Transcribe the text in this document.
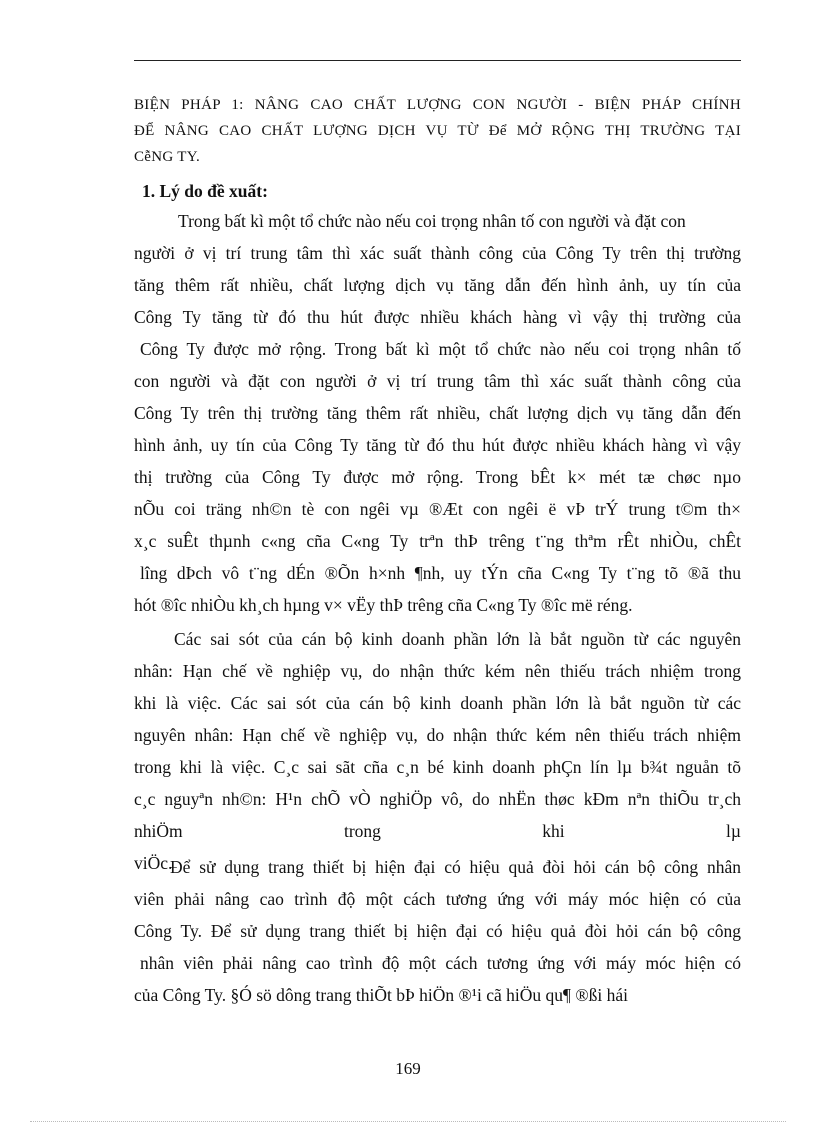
BIỆN PHÁP 1: NÂNG CAO CHẤT LƯỢNG CON NGƯỜI - BIỆN PHÁP CHÍNH
ĐỂ NÂNG CAO CHẤT LƯỢNG DỊCH VỤ TỪ Để MỞ RỘNG THỊ TRƯỜNG TẠI
CễNG TY.
1. Lý do đề xuất:
Trong bất kì một tổ chức nào nếu coi trọng nhân tố con người và đặt con
người ở vị trí trung tâm thì xác suất thành công của Công Ty trên thị trường
tăng thêm rất nhiều, chất lượng dịch vụ tăng dẫn đến hình ảnh, uy tín của
Công Ty tăng từ đó thu hút được nhiều khách hàng vì vậy thị trường của
Công Ty được mở rộng. Trong bất kì một tổ chức nào nếu coi trọng nhân tố
con người và đặt con người ở vị trí trung tâm thì xác suất thành công của
Công Ty trên thị trường tăng thêm rất nhiều, chất lượng dịch vụ tăng dẫn đến
hình ảnh, uy tín của Công Ty tăng từ đó thu hút được nhiều khách hàng vì vậy
thị trường của Công Ty được mở rộng. Trong bÊt k× mét tæ chøc nµo
nÕu coi träng nh©n tè con ngêi vµ ®Æt con ngêi ë vÞ trÝ trung t©m th×
x¸c suÊt thµnh c«ng cña C«ng Ty trªn thÞ trêng t¨ng thªm rÊt nhiÒu, chÊt
lîng dÞch vô t¨ng dÉn ®Õn h×nh ¶nh, uy tÝn cña C«ng Ty t¨ng tõ ®ã thu
hót ®îc nhiÒu kh¸ch hµng v× vËy thÞ trêng cña C«ng Ty ®îc më réng.
Các sai sót của cán bộ kinh doanh phần lớn là bắt nguồn từ các nguyên
nhân: Hạn chế về nghiệp vụ, do nhận thức kém nên thiếu trách nhiệm trong
khi là việc. Các sai sót của cán bộ kinh doanh phần lớn là bắt nguồn từ các
nguyên nhân: Hạn chế về nghiệp vụ, do nhận thức kém nên thiếu trách nhiệm
trong khi là việc. C¸c sai sãt cña c¸n bé kinh doanh phÇn lín lµ b¾t nguån tõ
c¸c nguyªn nh©n: H¹n chÕ vÒ nghiÖp vô, do nhËn thøc kÐm nªn thiÕu tr¸ch
nhiÖm trong khi lµ viÖc.
Để sử dụng trang thiết bị hiện đại có hiệu quả đòi hỏi cán bộ công nhân
viên phải nâng cao trình độ một cách tương ứng với máy móc hiện có của
Công Ty. Để sử dụng trang thiết bị hiện đại có hiệu quả đòi hỏi cán bộ công
nhân viên phải nâng cao trình độ một cách tương ứng với máy móc hiện có
của Công Ty. §Ó sö dông trang thiÕt bÞ hiÖn ®¹i cã hiÖu qu¶ ®ßi hái
169
